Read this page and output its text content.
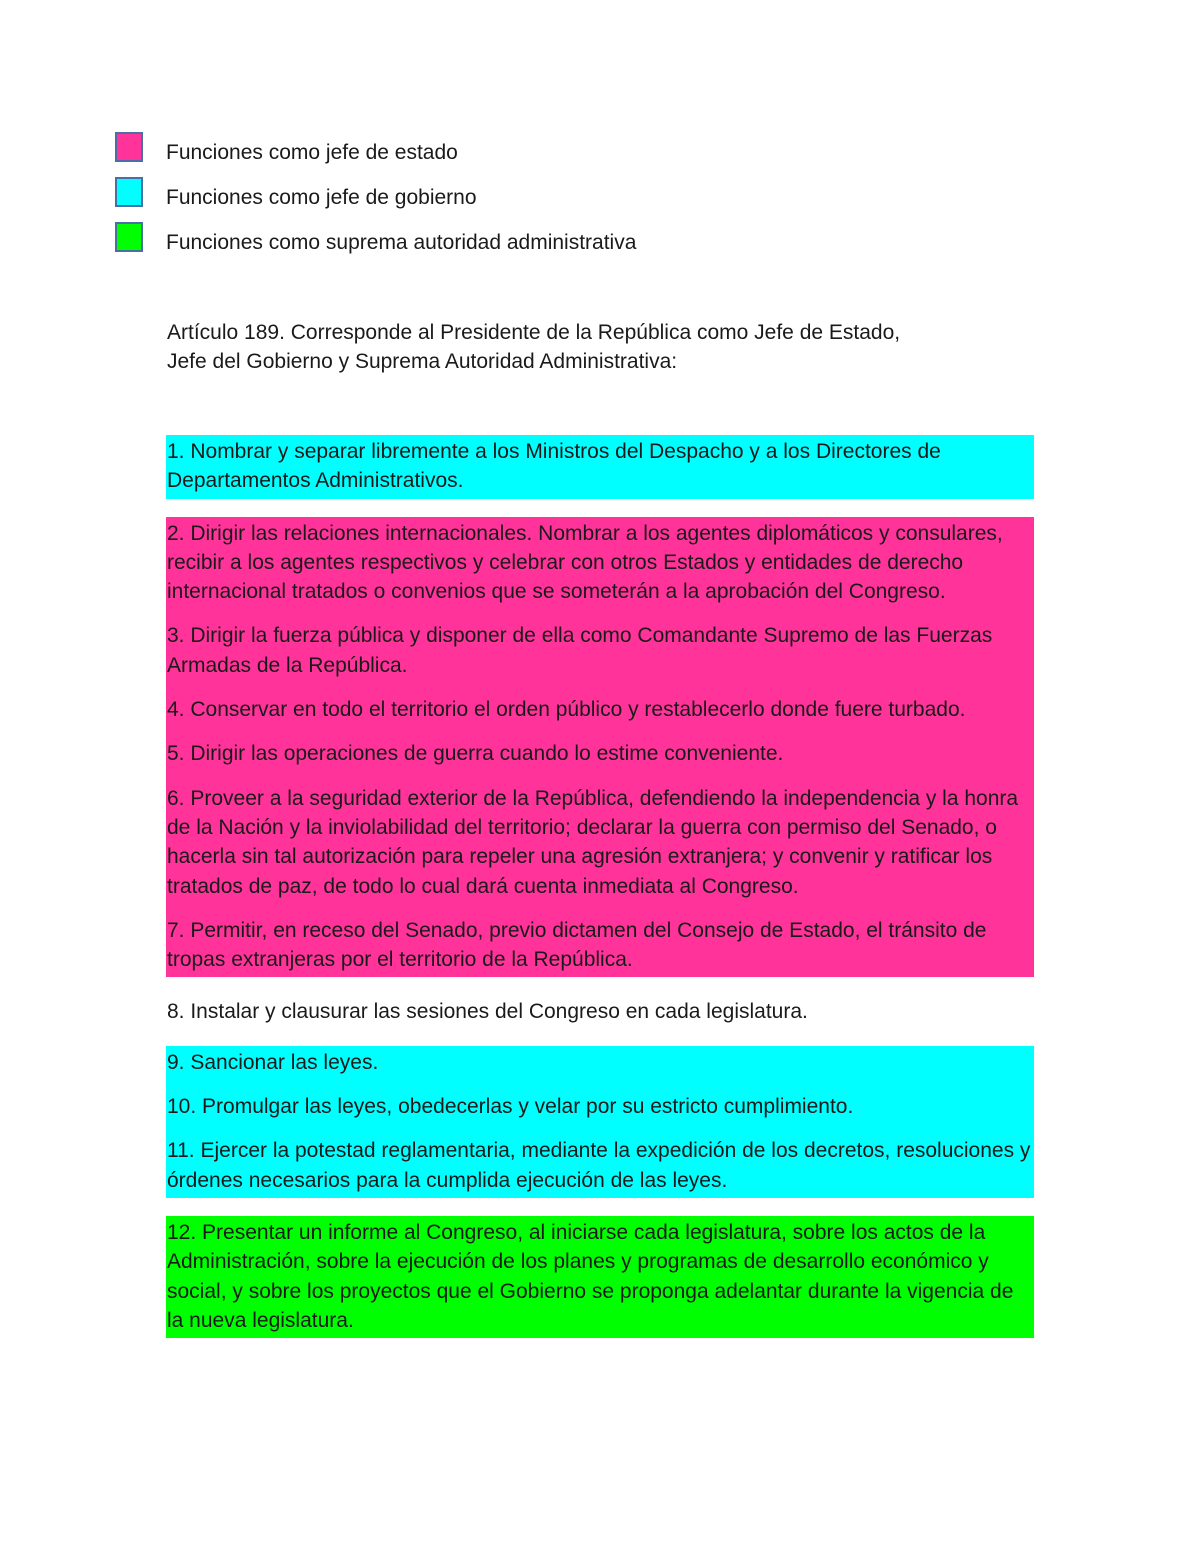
Funciones como jefe de estado
Funciones como jefe de gobierno
Funciones como suprema autoridad administrativa
Artículo 189. Corresponde al Presidente de la República como Jefe de Estado,
Jefe del Gobierno y Suprema Autoridad Administrativa:

1. Nombrar y separar libremente a los Ministros del Despacho y a los Directores de Departamentos Administrativos.

2. Dirigir las relaciones internacionales. Nombrar a los agentes diplomáticos y consulares, recibir a los agentes respectivos y celebrar con otros Estados y entidades de derecho internacional tratados o convenios que se someterán a la aprobación del Congreso.

3. Dirigir la fuerza pública y disponer de ella como Comandante Supremo de las Fuerzas Armadas de la República.

4. Conservar en todo el territorio el orden público y restablecerlo donde fuere turbado.

5. Dirigir las operaciones de guerra cuando lo estime conveniente.

6. Proveer a la seguridad exterior de la República, defendiendo la independencia y la honra de la Nación y la inviolabilidad del territorio; declarar la guerra con permiso del Senado, o hacerla sin tal autorización para repeler una agresión extranjera; y convenir y ratificar los tratados de paz, de todo lo cual dará cuenta inmediata al Congreso.

7. Permitir, en receso del Senado, previo dictamen del Consejo de Estado, el tránsito de tropas extranjeras por el territorio de la República.

8. Instalar y clausurar las sesiones del Congreso en cada legislatura.

9. Sancionar las leyes.

10. Promulgar las leyes, obedecerlas y velar por su estricto cumplimiento.

11. Ejercer la potestad reglamentaria, mediante la expedición de los decretos, resoluciones y órdenes necesarios para la cumplida ejecución de las leyes.

12. Presentar un informe al Congreso, al iniciarse cada legislatura, sobre los actos de la Administración, sobre la ejecución de los planes y programas de desarrollo económico y social, y sobre los proyectos que el Gobierno se proponga adelantar durante la vigencia de la nueva legislatura.
